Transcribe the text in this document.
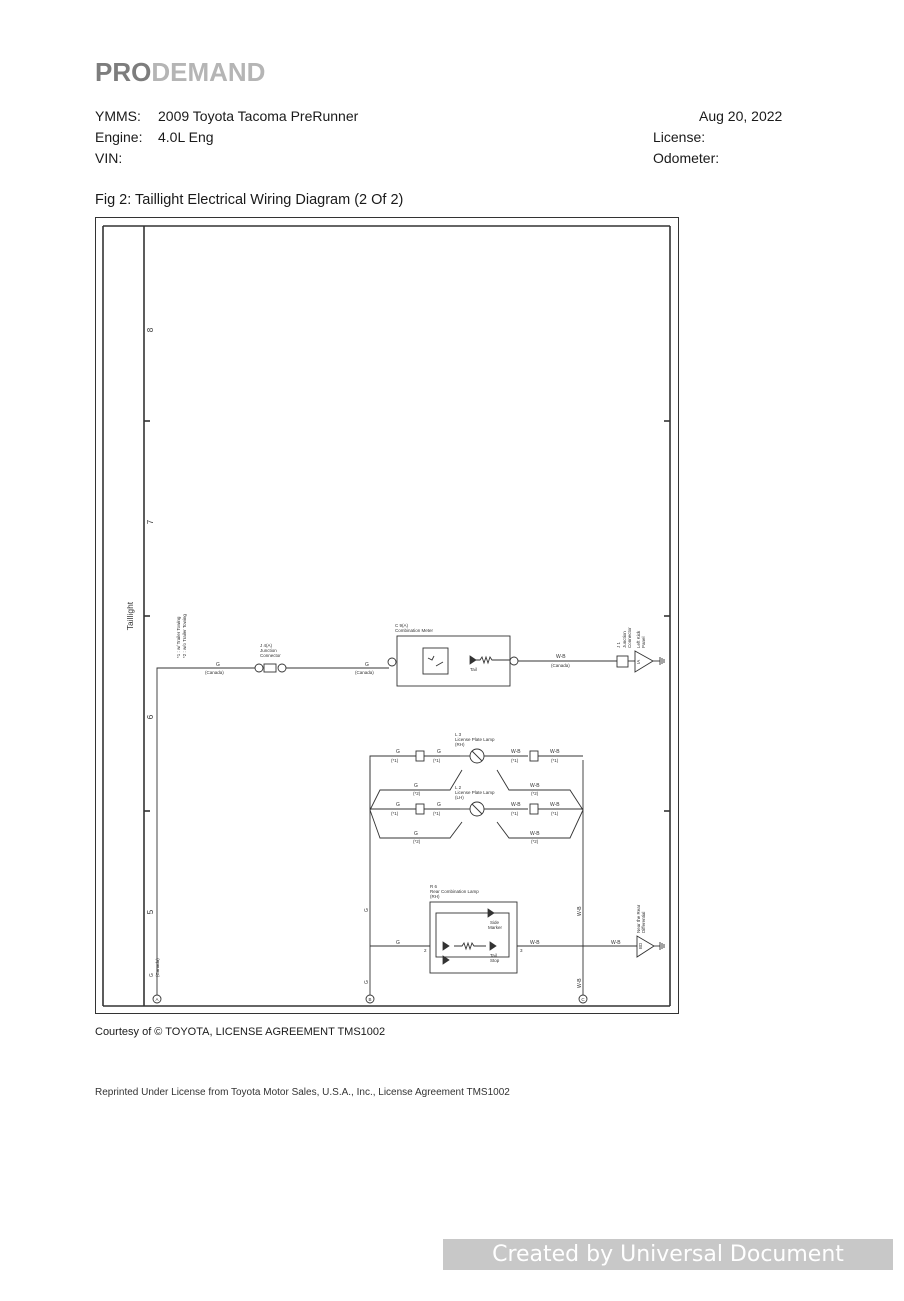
PRODEMAND
YMMS: 2009 Toyota Tacoma PreRunner	Aug 20, 2022
Engine: 4.0L Eng	License:
VIN:	Odometer:
Fig 2: Taillight Electrical Wiring Diagram (2 Of 2)
8
7
6
5
Taillight
*1 : w/ Trailer Towing *2 : w/o Trailer Towing
G
(Canada)
J 4(A)
Junction
Connector
G
(Canada)
C 9(A)
Combination Meter
Tail
W-B
(Canada)
J 1 Junction Connector
IA
Left Kick Panel
G	G
(*1)	(*1)
W-B
(*1)
W-B
(*1)
L 3
License Plate Lamp
(RH)
G	G
(*1)	(*1)
W-B
(*1)
W-B
(*1)
L 2
License Plate Lamp
(LH)
G
(*2)
W-B
(*2)
G
(*2)
W-B
(*2)
G
G
W-B
W-B
G (Canada)
R 6
Rear Combination Lamp
(RH)
G
2
Side
Marker
Tail
Stop
3
W-B	W-B	BD
Near the Rear Differential
A	B	C
Courtesy of © TOYOTA, LICENSE AGREEMENT TMS1002
Reprinted Under License from Toyota Motor Sales, U.S.A., Inc., License Agreement TMS1002
Created by Universal Document Converter
